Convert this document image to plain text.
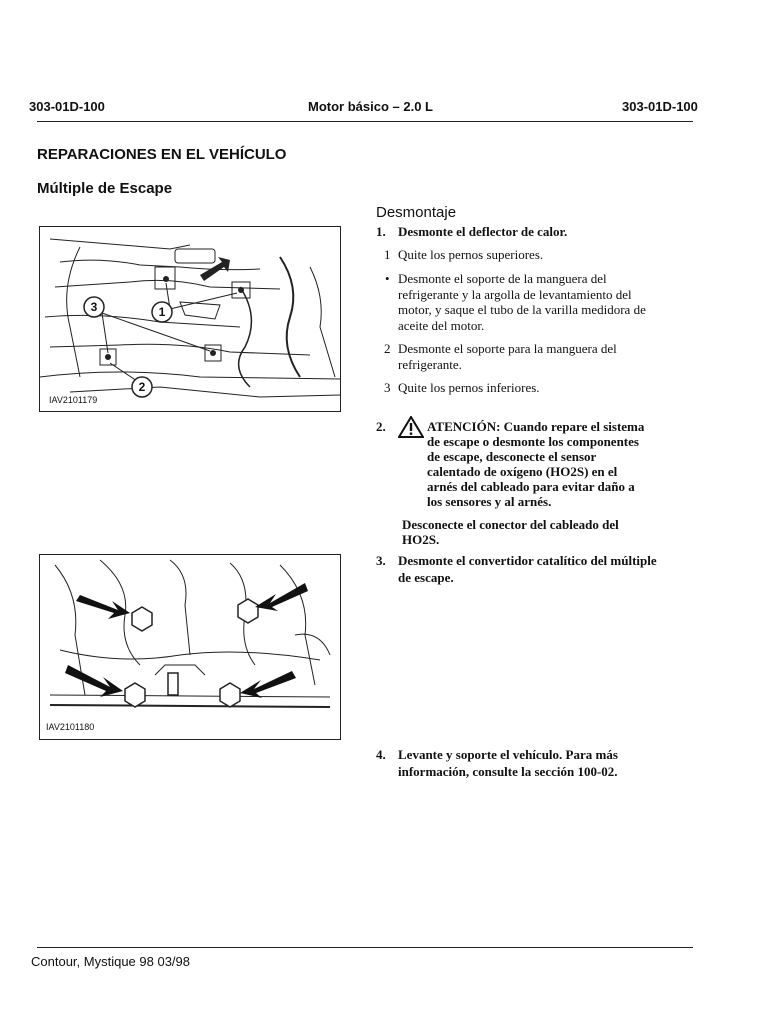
303-01D-100	Motor básico – 2.0 L	303-01D-100
REPARACIONES EN EL VEHÍCULO
Múltiple de Escape
Desmontaje
1
2
3
IAV2101179
IAV2101180
1. Desmonte el deflector de calor.
1 Quite los pernos superiores.
• Desmonte el soporte de la manguera del
refrigerante y la argolla de levantamiento del
motor, y saque el tubo de la varilla medidora de
aceite del motor.
2 Desmonte el soporte para la manguera del
refrigerante.
3 Quite los pernos inferiores.
2.	ATENCIÓN: Cuando repare el sistema
de escape o desmonte los componentes
de escape, desconecte el sensor
calentado de oxígeno (HO2S) en el
arnés del cableado para evitar daño a
los sensores y al arnés.
Desconecte el conector del cableado del
HO2S.
3. Desmonte el convertidor catalítico del múltiple
de escape.
4. Levante y soporte el vehículo. Para más
información, consulte la sección 100-02.
Contour, Mystique 98 03/98
